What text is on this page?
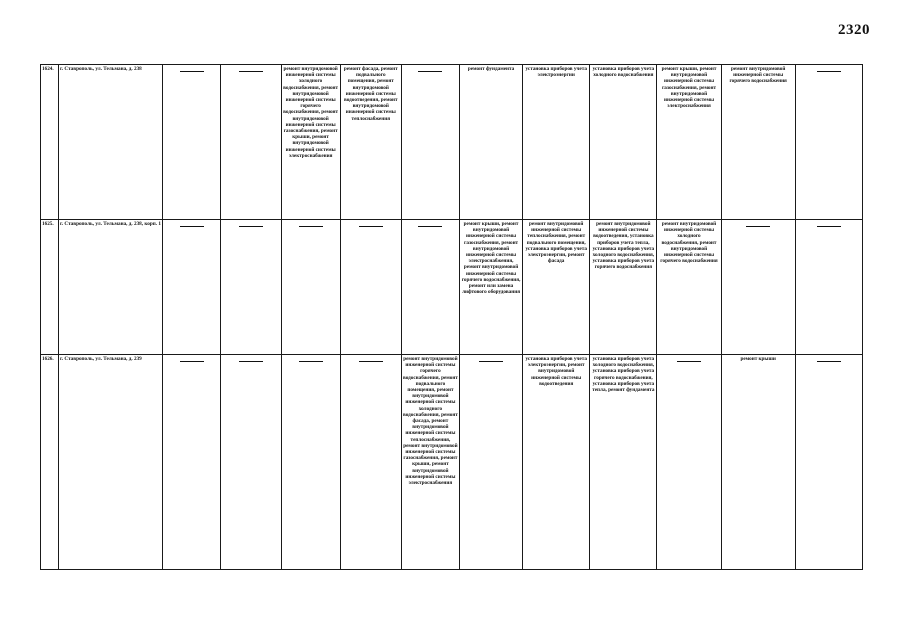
2320
1624.	г. Ставрополь, ул. Тельмана, д. 238			ремонт внутридомовой инженерной системы холодного водоснабжения, ремонт внутридомовой инженерной системы горячего водоснабжения, ремонт внутридомовой инженерной системы газоснабжения, ремонт крыши, ремонт внутридомовой инженерной системы электроснабжения	ремонт фасада, ремонт подвального помещения, ремонт внутридомовой инженерной системы водоотведения, ремонт внутридомовой инженерной системы теплоснабжения		ремонт фундамента	установка приборов учета электроэнергии	установка приборов учета холодного водоснабжения	ремонт крыши, ремонт внутридомовой инженерной системы газоснабжения, ремонт внутридомовой инженерной системы электроснабжения	ремонт внутридомовой инженерной системы горячего водоснабжения	

1625.	г. Ставрополь, ул. Тельмана, д. 238, корп. 1						ремонт крыши, ремонт внутридомовой инженерной системы газоснабжения, ремонт внутридомовой инженерной системы электроснабжения, ремонт внутридомовой инженерной системы горячего водоснабжения, ремонт или замена лифтового оборудования	ремонт внутридомовой инженерной системы теплоснабжения, ремонт подвального помещения, установка приборов учета электроэнергии, ремонт фасада	ремонт внутридомовой инженерной системы водоотведения, установка приборов учета тепла, установка приборов учета холодного водоснабжения, установка приборов учета горячего водоснабжения	ремонт внутридомовой инженерной системы холодного водоснабжения, ремонт внутридомовой инженерной системы горячего водоснабжения	

1626.	г. Ставрополь, ул. Тельмана, д. 239					ремонт внутридомовой инженерной системы горячего водоснабжения, ремонт подвального помещения, ремонт внутридомовой инженерной системы холодного водоснабжения, ремонт фасада, ремонт внутридомовой инженерной системы теплоснабжения, ремонт внутридомовой инженерной системы газоснабжения, ремонт крыши, ремонт внутридомовой инженерной системы электроснабжения		установка приборов учета электроэнергии, ремонт внутридомовой инженерной системы водоотведения	установка приборов учета холодного водоснабжения, установка приборов учета горячего водоснабжения, установка приборов учета тепла, ремонт фундамента		ремонт крыши	
